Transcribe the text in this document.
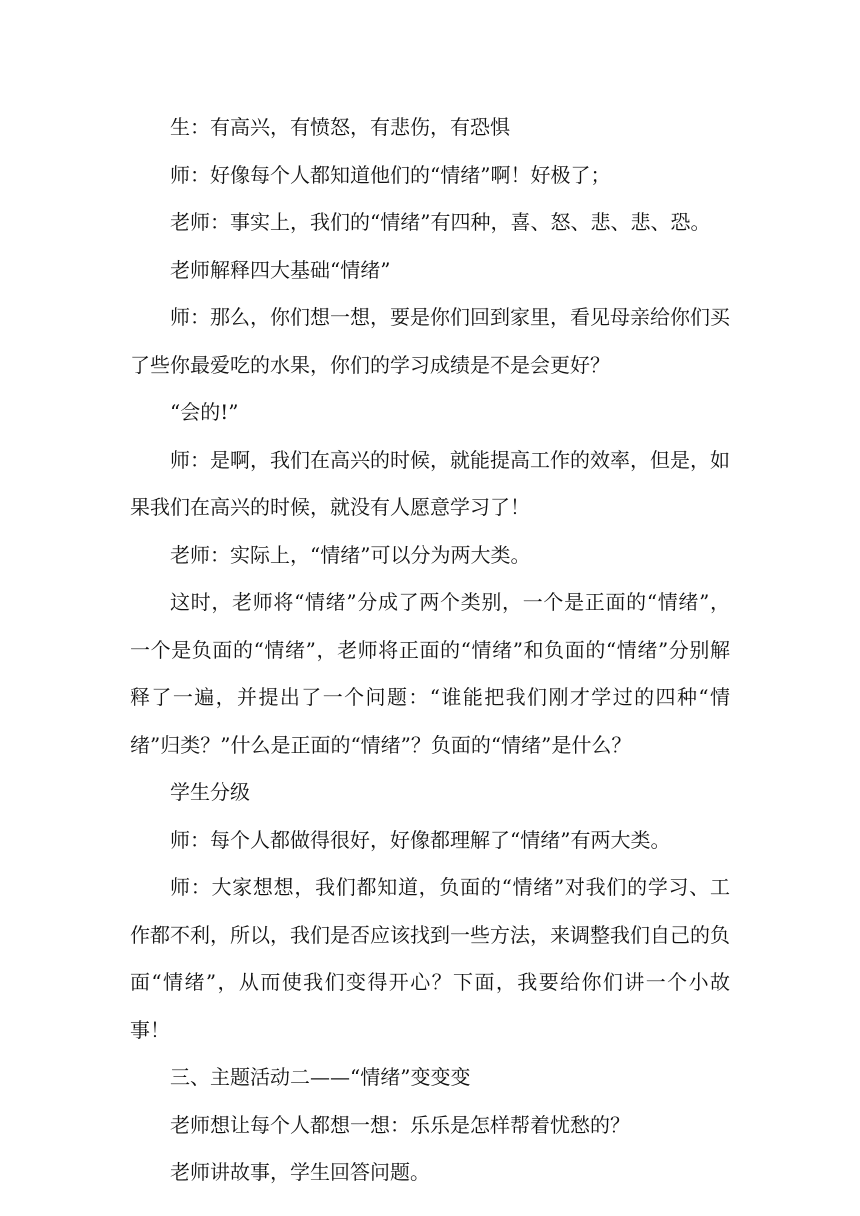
生：有高兴，有愤怒，有悲伤，有恐惧

师：好像每个人都知道他们的“情绪”啊！好极了；

老师：事实上，我们的“情绪”有四种，喜、怒、悲、悲、恐。

老师解释四大基础“情绪”

师：那么，你们想一想，要是你们回到家里，看见母亲给你们买了些你最爱吃的水果，你们的学习成绩是不是会更好？

“会的!”

师：是啊，我们在高兴的时候，就能提高工作的效率，但是，如果我们在高兴的时候，就没有人愿意学习了！

老师：实际上，“情绪”可以分为两大类。

这时，老师将“情绪”分成了两个类别，一个是正面的“情绪”，一个是负面的“情绪”，老师将正面的“情绪”和负面的“情绪”分别解释了一遍，并提出了一个问题：“谁能把我们刚才学过的四种“情绪”归类？”什么是正面的“情绪”？负面的“情绪”是什么？

学生分级

师：每个人都做得很好，好像都理解了“情绪”有两大类。

师：大家想想，我们都知道，负面的“情绪”对我们的学习、工作都不利，所以，我们是否应该找到一些方法，来调整我们自己的负面“情绪”，从而使我们变得开心？下面，我要给你们讲一个小故事！

三、主题活动二——“情绪”变变变

老师想让每个人都想一想：乐乐是怎样帮着忧愁的？

老师讲故事，学生回答问题。
